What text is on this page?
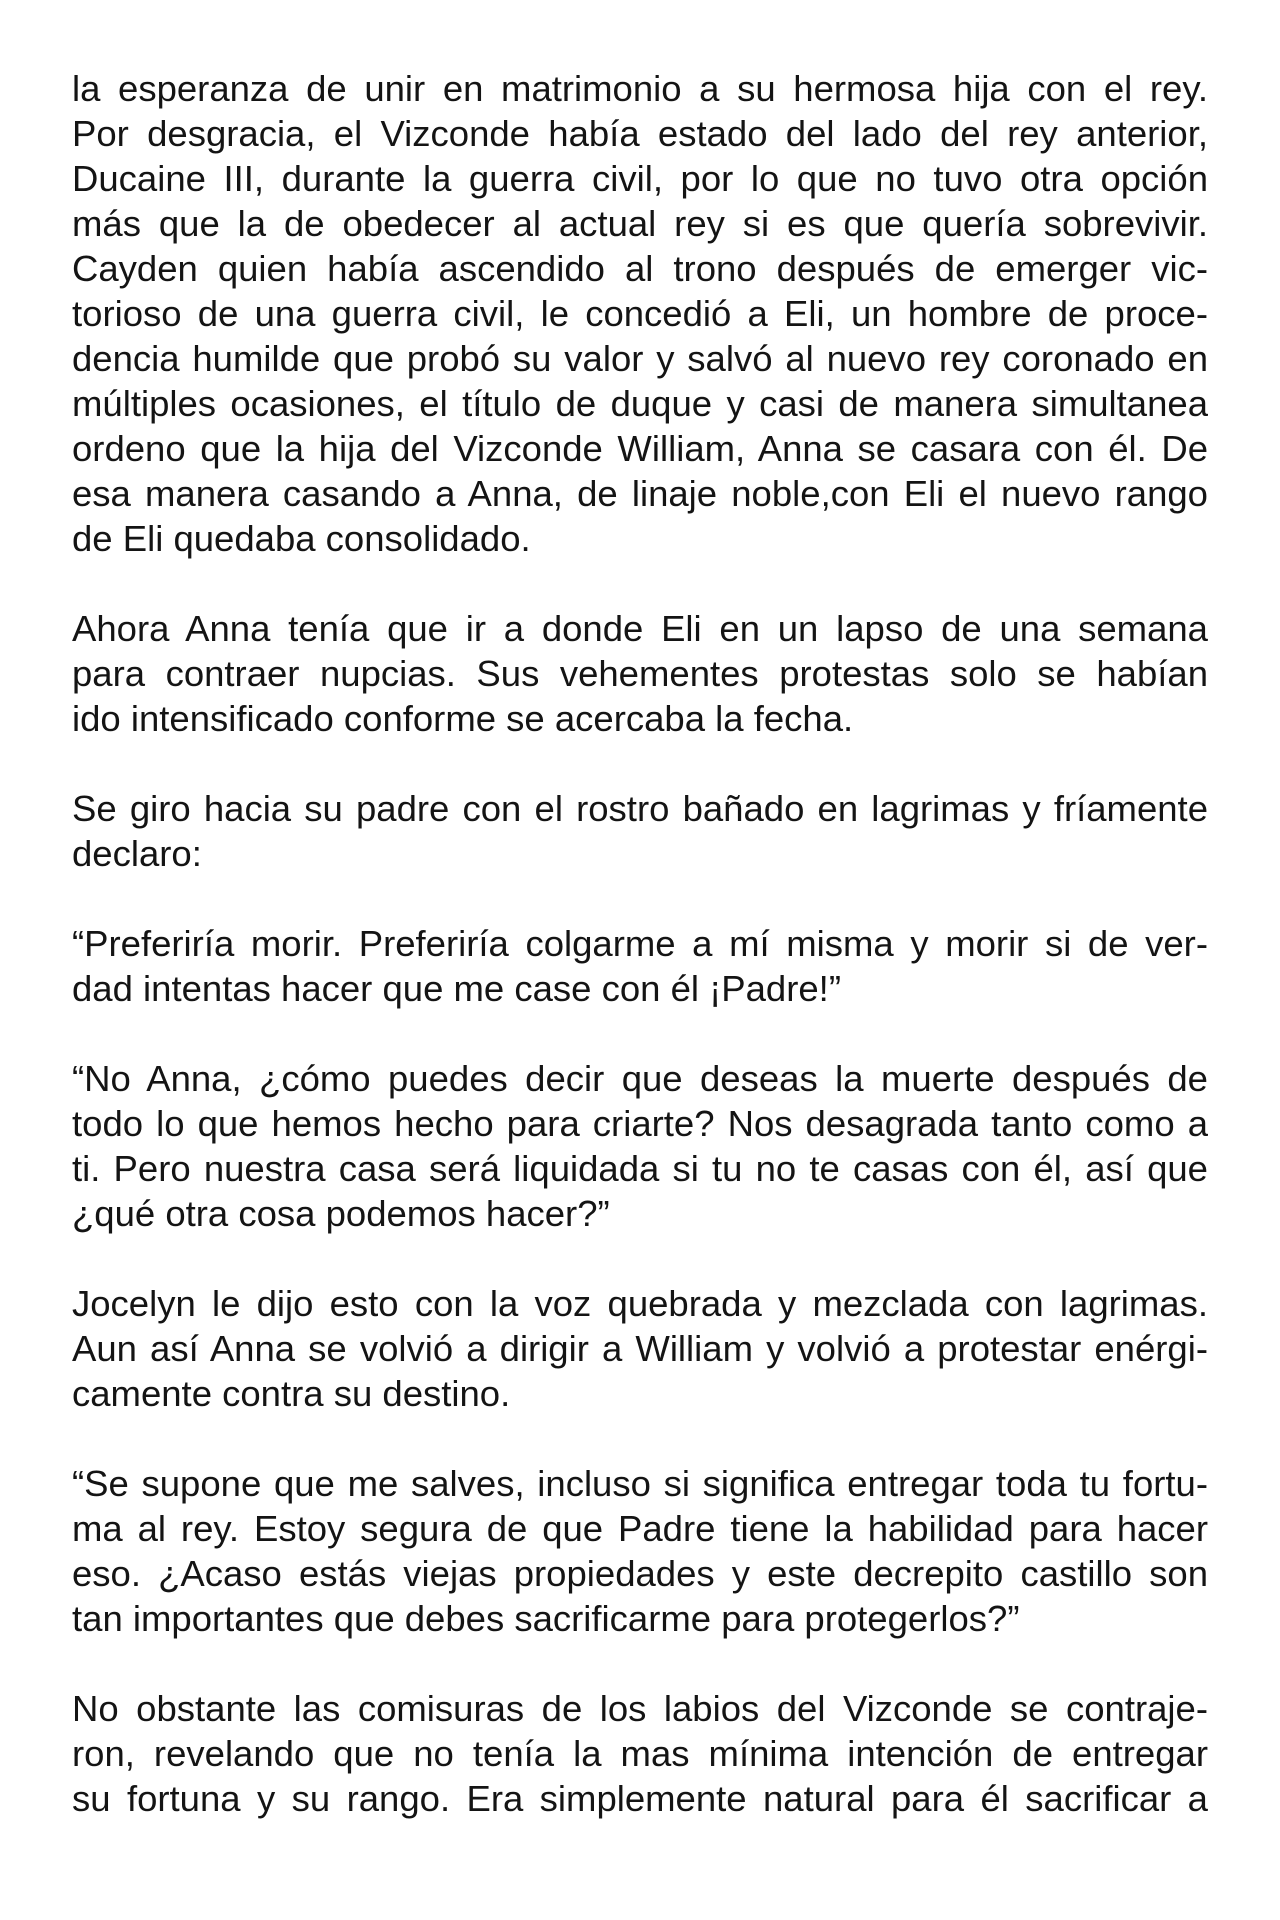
la esperanza de unir en matrimonio a su hermosa hija con el rey.
Por desgracia, el Vizconde había estado del lado del rey anterior,
Ducaine III, durante la guerra civil, por lo que no tuvo otra opción
más que la de obedecer al actual rey si es que quería sobrevivir.
Cayden quien había ascendido al trono después de emerger vic-
torioso de una guerra civil, le concedió a Eli, un hombre de proce-
dencia humilde que probó su valor y salvó al nuevo rey coronado en
múltiples ocasiones, el título de duque y casi de manera simultanea
ordeno que la hija del Vizconde William, Anna se casara con él. De
esa manera casando a Anna, de linaje noble,con Eli el nuevo rango
de Eli quedaba consolidado.
Ahora Anna tenía que ir a donde Eli en un lapso de una semana
para contraer nupcias. Sus vehementes protestas solo se habían
ido intensificado conforme se acercaba la fecha.
Se giro hacia su padre con el rostro bañado en lagrimas y fríamente
declaro:
“Preferiría morir. Preferiría colgarme a mí misma y morir si de ver-
dad intentas hacer que me case con él ¡Padre!”
“No Anna, ¿cómo puedes decir que deseas la muerte después de
todo lo que hemos hecho para criarte? Nos desagrada tanto como a
ti. Pero nuestra casa será liquidada si tu no te casas con él, así que
¿qué otra cosa podemos hacer?”
Jocelyn le dijo esto con la voz quebrada y mezclada con lagrimas.
Aun así Anna se volvió a dirigir a William y volvió a protestar enérgi-
camente contra su destino.
“Se supone que me salves, incluso si significa entregar toda tu fortu-
ma al rey. Estoy segura de que Padre tiene la habilidad para hacer
eso. ¿Acaso estás viejas propiedades y este decrepito castillo son
tan importantes que debes sacrificarme para protegerlos?”
No obstante las comisuras de los labios del Vizconde se contraje-
ron, revelando que no tenía la mas mínima intención de entregar
su fortuna y su rango. Era simplemente natural para él sacrificar a
